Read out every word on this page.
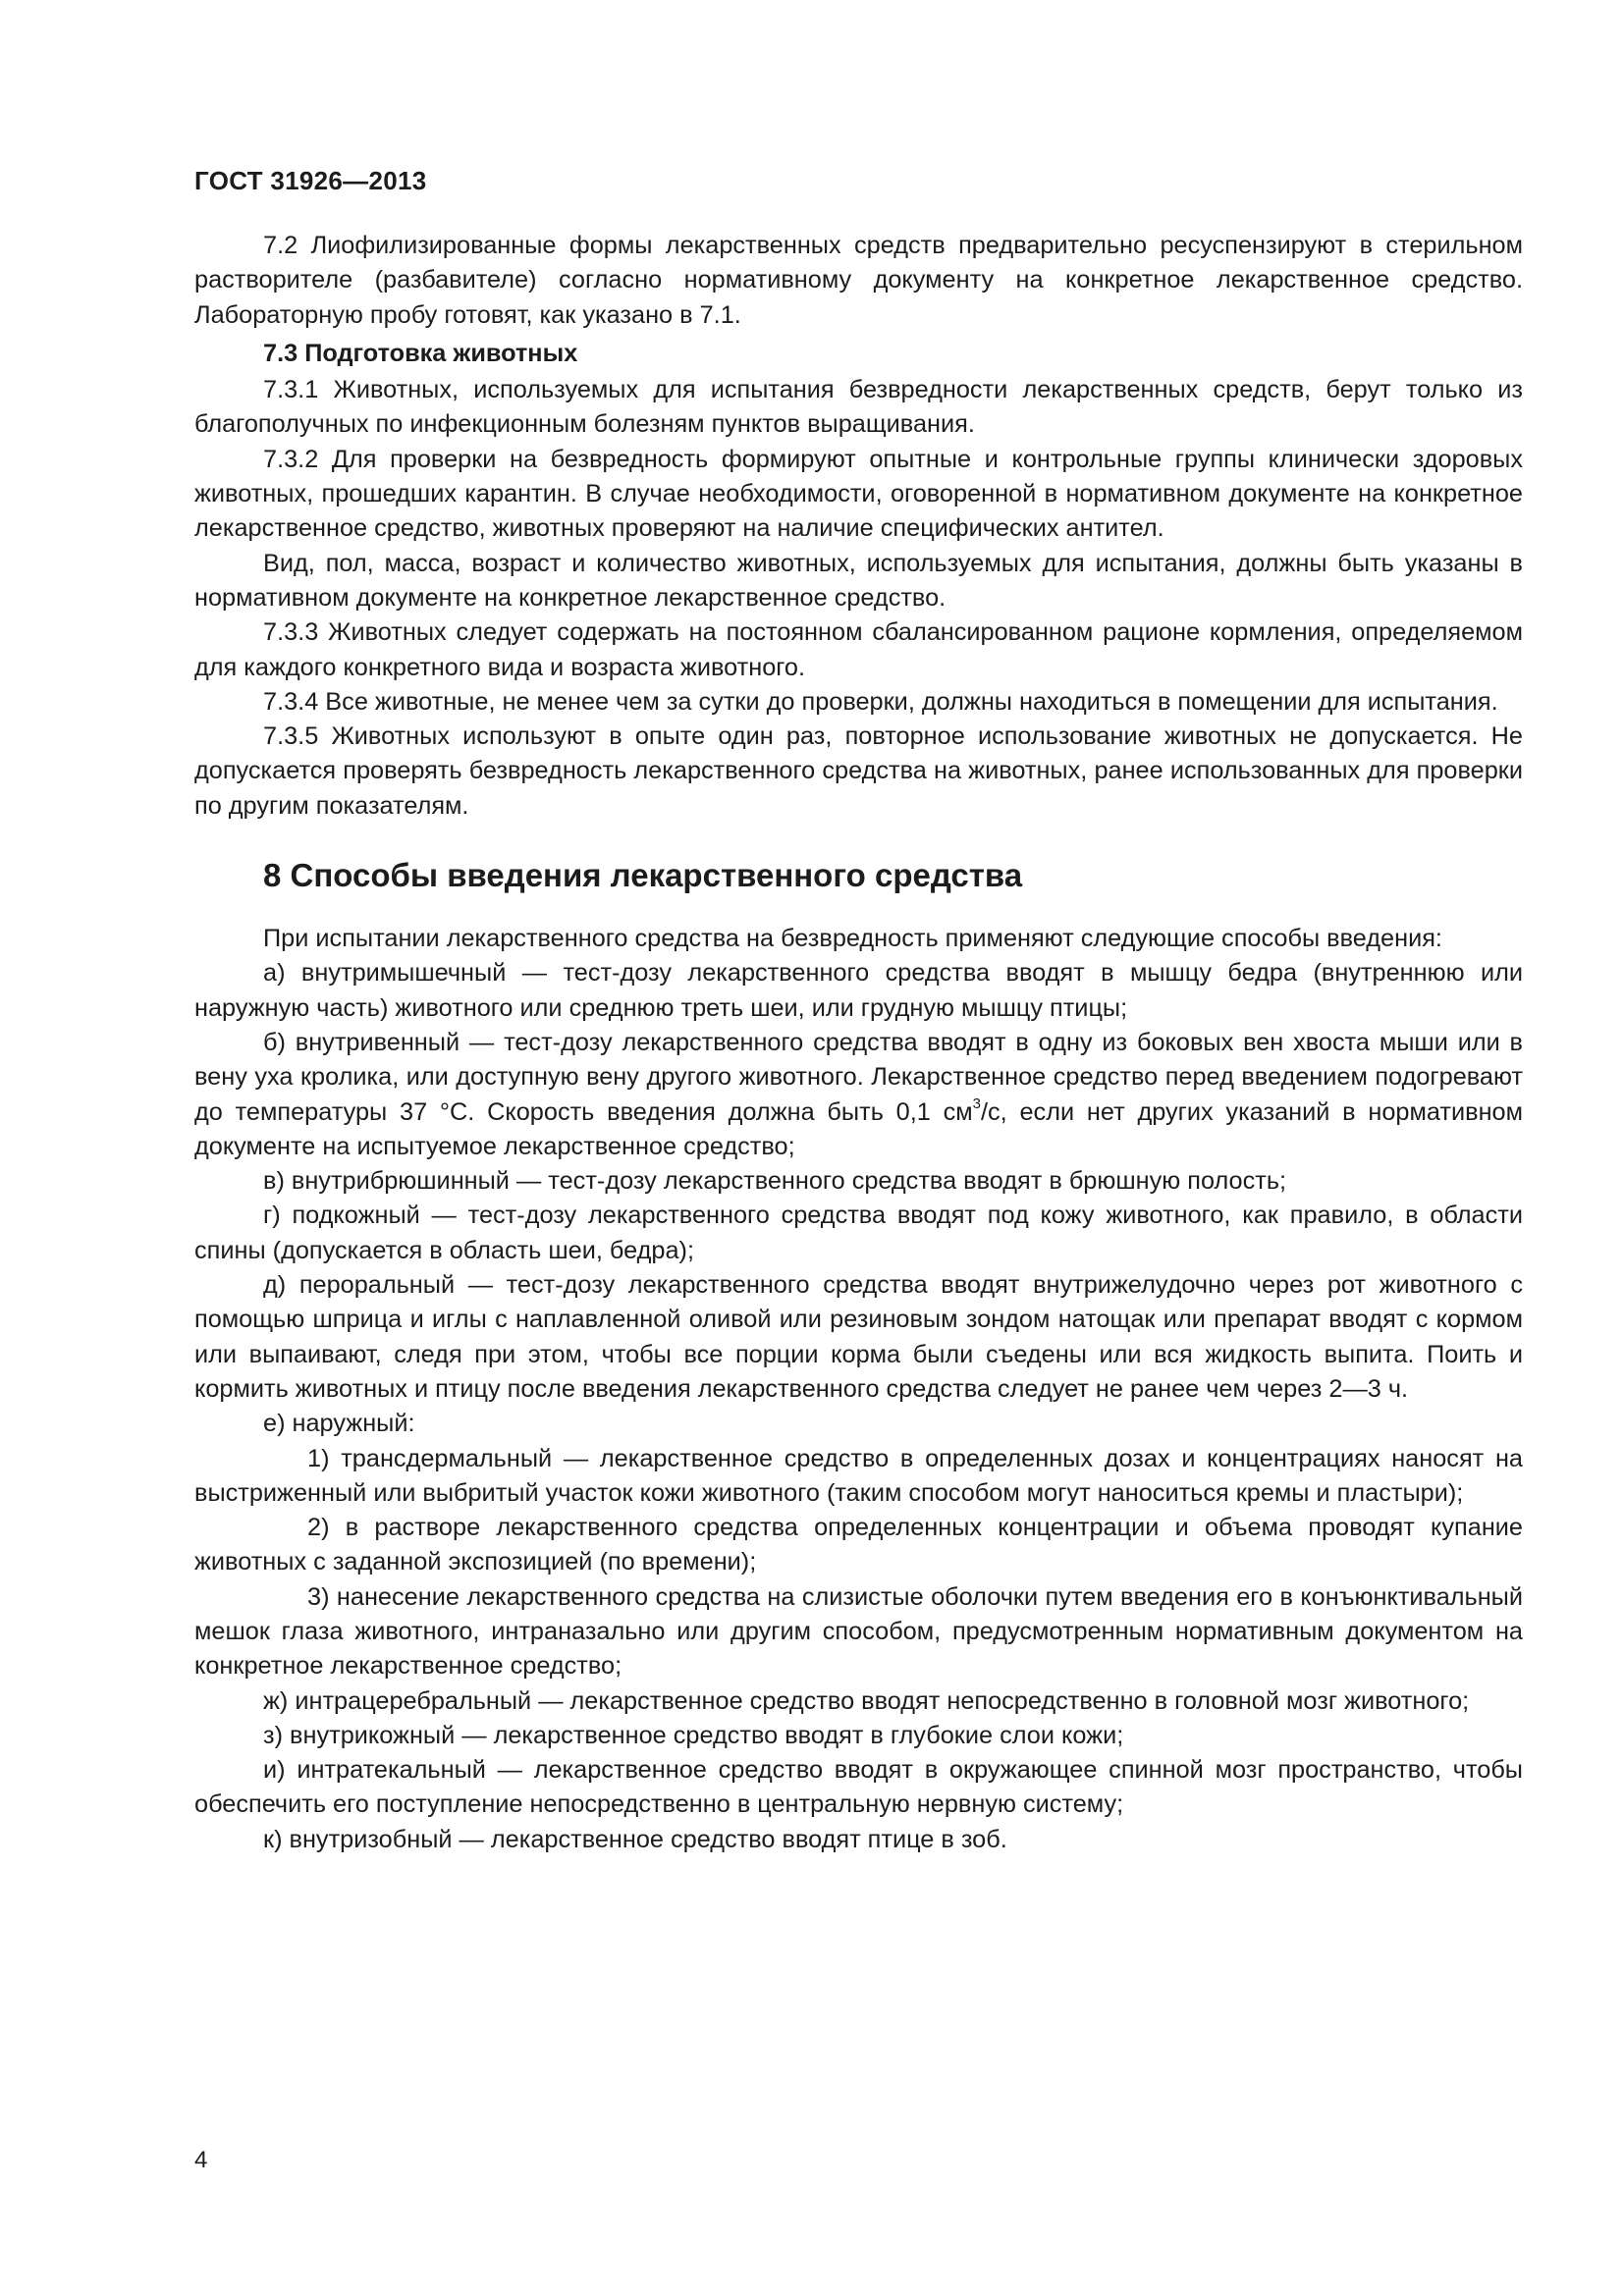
ГОСТ 31926—2013

7.2 Лиофилизированные формы лекарственных средств предварительно ресуспензируют в стерильном растворителе (разбавителе) согласно нормативному документу на конкретное лекарственное средство. Лабораторную пробу готовят, как указано в 7.1.

7.3 Подготовка животных

7.3.1 Животных, используемых для испытания безвредности лекарственных средств, берут только из благополучных по инфекционным болезням пунктов выращивания.

7.3.2 Для проверки на безвредность формируют опытные и контрольные группы клинически здоровых животных, прошедших карантин. В случае необходимости, оговоренной в нормативном документе на конкретное лекарственное средство, животных проверяют на наличие специфических антител.

Вид, пол, масса, возраст и количество животных, используемых для испытания, должны быть указаны в нормативном документе на конкретное лекарственное средство.

7.3.3 Животных следует содержать на постоянном сбалансированном рационе кормления, определяемом для каждого конкретного вида и возраста животного.

7.3.4 Все животные, не менее чем за сутки до проверки, должны находиться в помещении для испытания.

7.3.5 Животных используют в опыте один раз, повторное использование животных не допускается. Не допускается проверять безвредность лекарственного средства на животных, ранее использованных для проверки по другим показателям.

8 Способы введения лекарственного средства

При испытании лекарственного средства на безвредность применяют следующие способы введения:

а) внутримышечный — тест-дозу лекарственного средства вводят в мышцу бедра (внутреннюю или наружную часть) животного или среднюю треть шеи, или грудную мышцу птицы;

б) внутривенный — тест-дозу лекарственного средства вводят в одну из боковых вен хвоста мыши или в вену уха кролика, или доступную вену другого животного. Лекарственное средство перед введением подогревают до температуры 37 °С. Скорость введения должна быть 0,1 $см^3/с$, если нет других указаний в нормативном документе на испытуемое лекарственное средство;

в) внутрибрюшинный — тест-дозу лекарственного средства вводят в брюшную полость;

г) подкожный — тест-дозу лекарственного средства вводят под кожу животного, как правило, в области спины (допускается в область шеи, бедра);

д) пероральный — тест-дозу лекарственного средства вводят внутрижелудочно через рот животного с помощью шприца и иглы с наплавленной оливой или резиновым зондом натощак или препарат вводят с кормом или выпаивают, следя при этом, чтобы все порции корма были съедены или вся жидкость выпита. Поить и кормить животных и птицу после введения лекарственного средства следует не ранее чем через 2—3 ч.

е) наружный:

1) трансдермальный — лекарственное средство в определенных дозах и концентрациях наносят на выстриженный или выбритый участок кожи животного (таким способом могут наноситься кремы и пластыри);

2) в растворе лекарственного средства определенных концентрации и объема проводят купание животных с заданной экспозицией (по времени);

3) нанесение лекарственного средства на слизистые оболочки путем введения его в конъюнктивальный мешок глаза животного, интраназально или другим способом, предусмотренным нормативным документом на конкретное лекарственное средство;

ж) интрацеребральный — лекарственное средство вводят непосредственно в головной мозг животного;

з) внутрикожный — лекарственное средство вводят в глубокие слои кожи;

и) интратекальный — лекарственное средство вводят в окружающее спинной мозг пространство, чтобы обеспечить его поступление непосредственно в центральную нервную систему;

к) внутризобный — лекарственное средство вводят птице в зоб.

4
